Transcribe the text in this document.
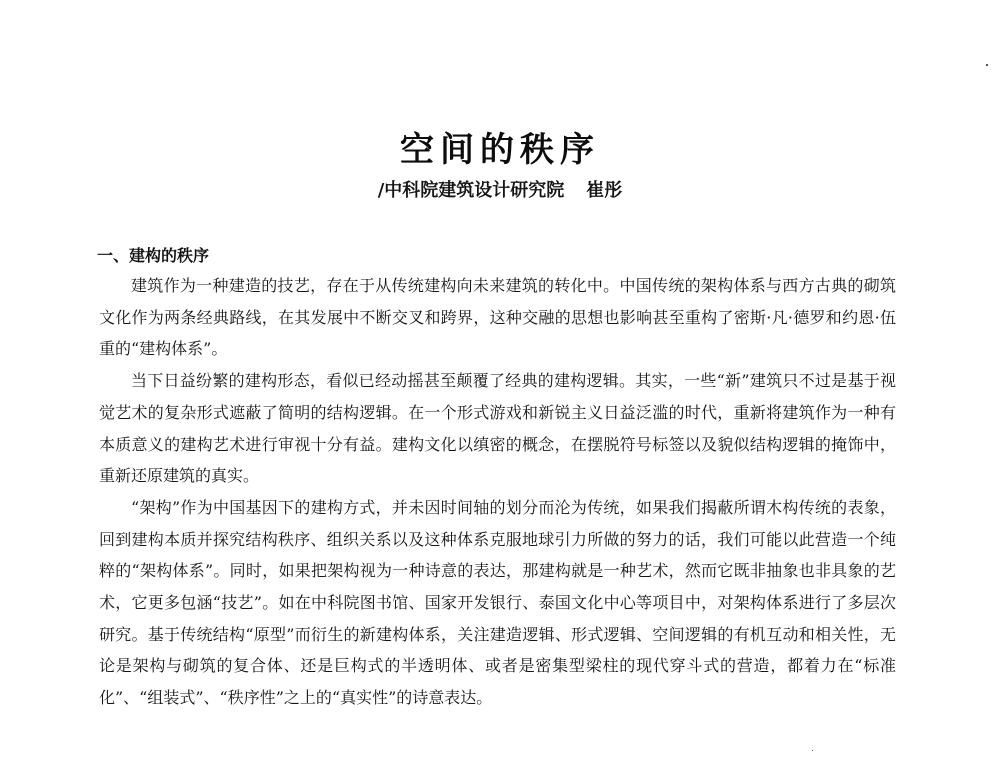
空间的秩序
/中科院建筑设计研究院 崔彤
一、建构的秩序

建筑作为一种建造的技艺，存在于从传统建构向未来建筑的转化中。中国传统的架构体系与西方古典的砌筑文化作为两条经典路线，在其发展中不断交叉和跨界，这种交融的思想也影响甚至重构了密斯·凡·德罗和约恩·伍重的“建构体系”。

当下日益纷繁的建构形态，看似已经动摇甚至颠覆了经典的建构逻辑。其实，一些“新”建筑只不过是基于视觉艺术的复杂形式遮蔽了简明的结构逻辑。在一个形式游戏和新锐主义日益泛滥的时代，重新将建筑作为一种有本质意义的建构艺术进行审视十分有益。建构文化以缜密的概念，在摆脱符号标签以及貌似结构逻辑的掩饰中，重新还原建筑的真实。

“架构”作为中国基因下的建构方式，并未因时间轴的划分而沦为传统，如果我们揭蔽所谓木构传统的表象，回到建构本质并探究结构秩序、组织关系以及这种体系克服地球引力所做的努力的话，我们可能以此营造一个纯粹的“架构体系”。同时，如果把架构视为一种诗意的表达，那建构就是一种艺术，然而它既非抽象也非具象的艺术，它更多包涵“技艺”。如在中科院图书馆、国家开发银行、泰国文化中心等项目中，对架构体系进行了多层次研究。基于传统结构“原型”而衍生的新建构体系，关注建造逻辑、形式逻辑、空间逻辑的有机互动和相关性，无论是架构与砌筑的复合体、还是巨构式的半透明体、或者是密集型梁柱的现代穿斗式的营造，都着力在“标准化”、“组装式”、“秩序性”之上的“真实性”的诗意表达。
